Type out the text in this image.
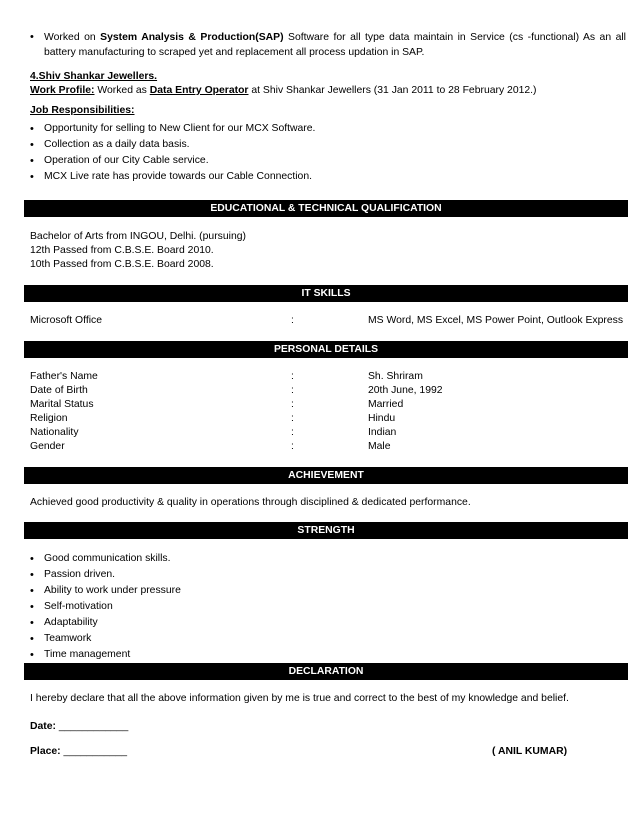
• Worked on System Analysis & Production(SAP) Software for all type data maintain in Service (cs -functional) As an all battery manufacturing to scraped yet and replacement all process updation in SAP.
4.Shiv Shankar Jewellers.
Work Profile: Worked as Data Entry Operator at Shiv Shankar Jewellers (31 Jan 2011 to 28 February 2012.)
Job Responsibilities:
• Opportunity for selling to New Client for our MCX Software.
• Collection as a daily data basis.
• Operation of our City Cable service.
• MCX Live rate has provide towards our Cable Connection.
EDUCATIONAL & TECHNICAL QUALIFICATION
Bachelor of Arts from INGOU, Delhi. (pursuing)
12th Passed from C.B.S.E. Board 2010.
10th Passed from C.B.S.E. Board 2008.
IT SKILLS
Microsoft Office	:	MS Word, MS Excel, MS Power Point, Outlook Express
PERSONAL DETAILS
Father's Name	:	Sh. Shriram
Date of Birth	:	20th June, 1992
Marital Status	:	Married
Religion	:	Hindu
Nationality	:	Indian
Gender	:	Male
ACHIEVEMENT
Achieved good productivity & quality in operations through disciplined & dedicated performance.
STRENGTH
• Good communication skills.
• Passion driven.
• Ability to work under pressure
• Self-motivation
• Adaptability
• Teamwork
• Time management
DECLARATION
I hereby declare that all the above information given by me is true and correct to the best of my knowledge and belief.
Date: ____________
Place: ___________	( ANIL KUMAR)
